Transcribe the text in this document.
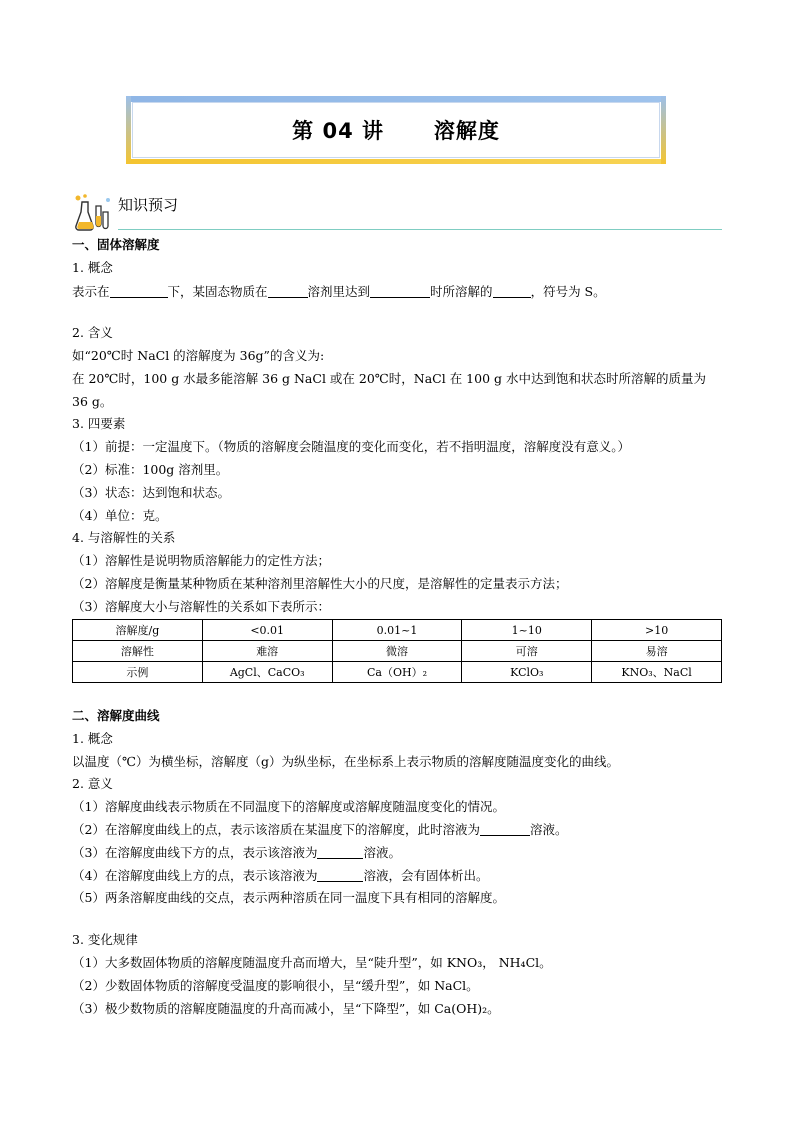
第 04 讲      溶解度
知识预习
一、固体溶解度
1. 概念
表示在	下，某固态物质在	溶剂里达到	时所溶解的	，符号为 S。
2. 含义
如“20℃时 NaCl 的溶解度为 36g”的含义为:
在 20℃时，100 g 水最多能溶解 36 g NaCl 或在 20℃时，NaCl 在 100 g 水中达到饱和状态时所溶解的质量为
36 g。
3. 四要素
（1）前提：一定温度下。（物质的溶解度会随温度的变化而变化，若不指明温度，溶解度没有意义。）
（2）标准：100g 溶剂里。
（3）状态：达到饱和状态。
（4）单位：克。
4. 与溶解性的关系
（1）溶解性是说明物质溶解能力的定性方法；
（2）溶解度是衡量某种物质在某种溶剂里溶解性大小的尺度，是溶解性的定量表示方法；
（3）溶解度大小与溶解性的关系如下表所示：
溶解度/g	<0.01	0.01~1	1~10	>10
溶解性	难溶	微溶	可溶	易溶
示例	AgCl、CaCO₃	Ca（OH）₂	KClO₃	KNO₃、NaCl
二、溶解度曲线
1. 概念
以温度（℃）为横坐标，溶解度（g）为纵坐标，在坐标系上表示物质的溶解度随温度变化的曲线。
2. 意义
（1）溶解度曲线表示物质在不同温度下的溶解度或溶解度随温度变化的情况。
（2）在溶解度曲线上的点，表示该溶质在某温度下的溶解度，此时溶液为	溶液。
（3）在溶解度曲线下方的点，表示该溶液为	溶液。
（4）在溶解度曲线上方的点，表示该溶液为	溶液，会有固体析出。
（5）两条溶解度曲线的交点，表示两种溶质在同一温度下具有相同的溶解度。
3. 变化规律
（1）大多数固体物质的溶解度随温度升高而增大，呈“陡升型”，如 KNO₃， NH₄Cl。
（2）少数固体物质的溶解度受温度的影响很小，呈“缓升型”，如 NaCl。
（3）极少数物质的溶解度随温度的升高而减小，呈“下降型”，如 Ca(OH)₂。
